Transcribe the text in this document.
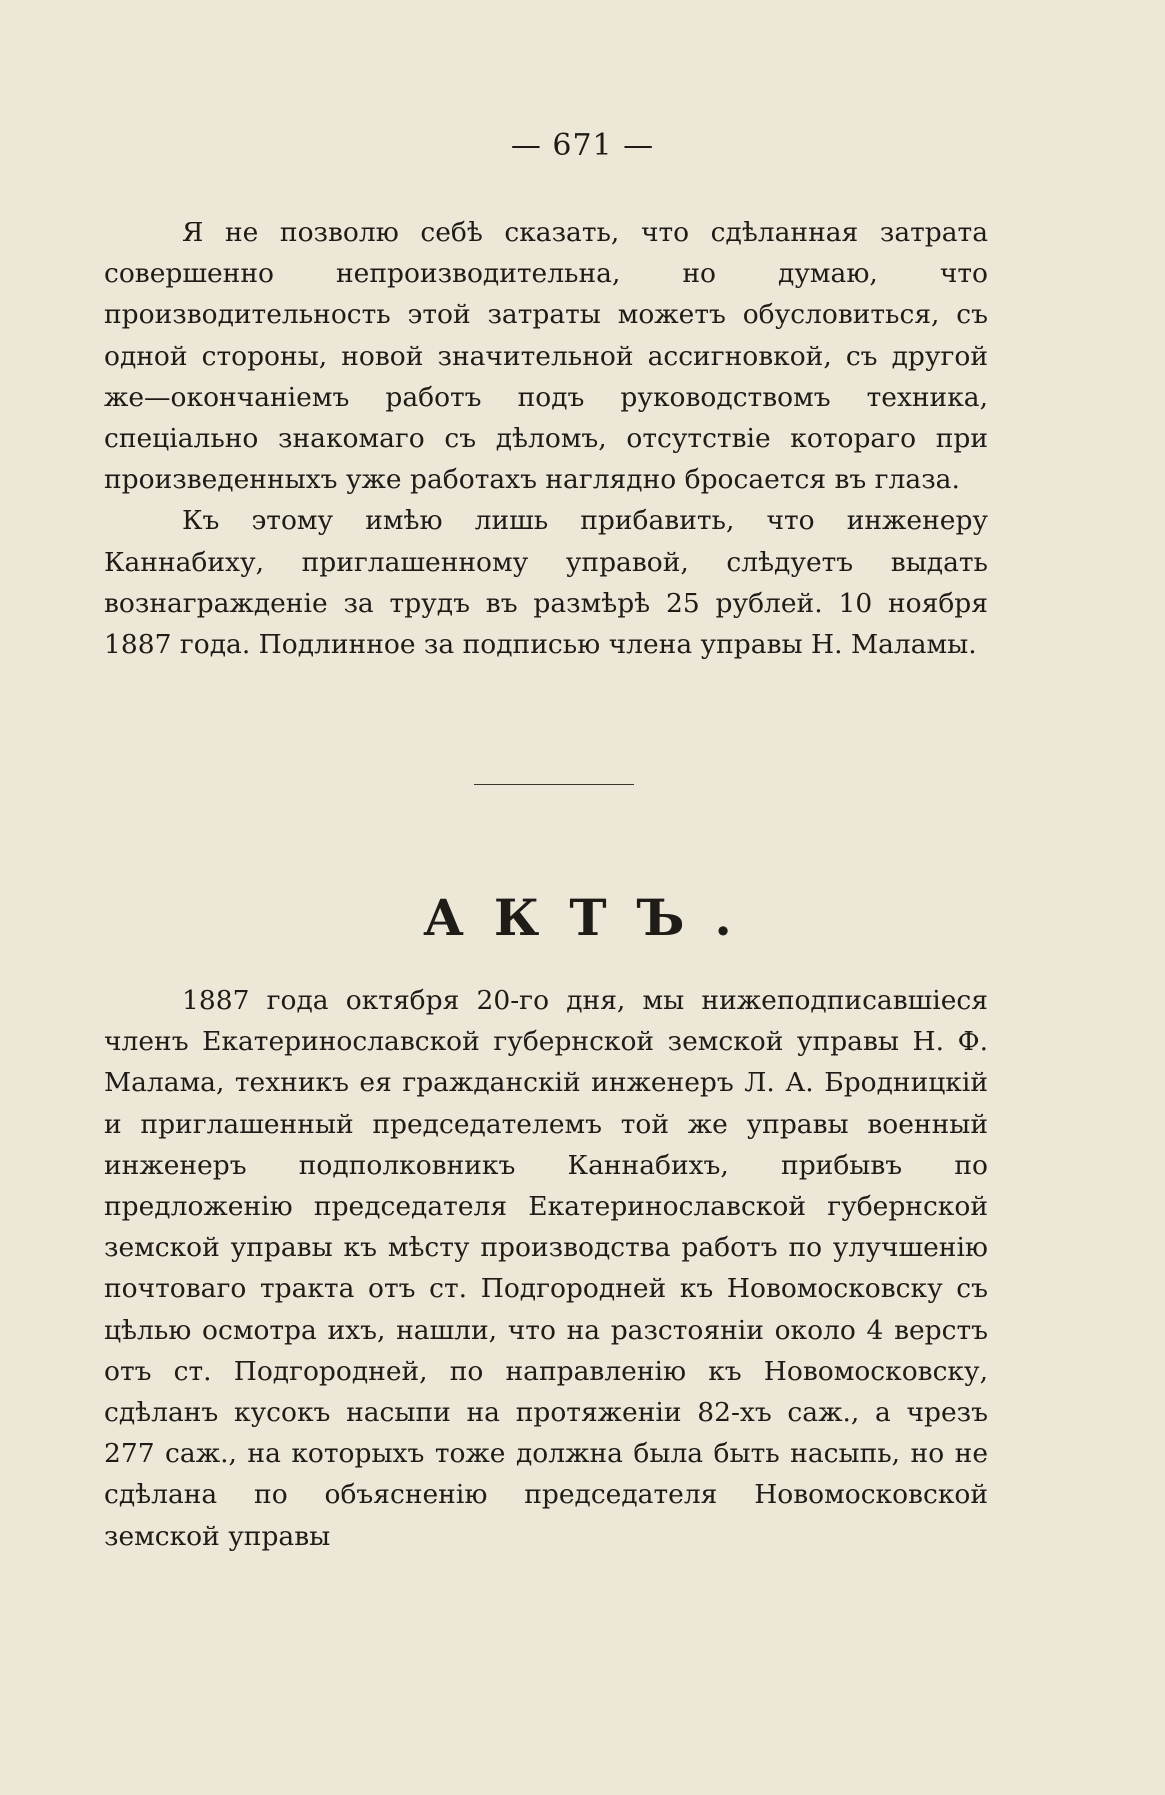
— 671 —

Я не позволю себѣ сказать, что сдѣланная затрата совершенно непроизводительна, но думаю, что производительность этой затраты можетъ обусловиться, съ одной стороны, новой значительной ассигновкой, съ другой же—окончаніемъ работъ подъ руководствомъ техника, спеціально знакомаго съ дѣломъ, отсутствіе котораго при произведенныхъ уже работахъ наглядно бросается въ глаза.

Къ этому имѣю лишь прибавить, что инженеру Каннабиху, приглашенному управой, слѣдуетъ выдать вознагражденіе за трудъ въ размѣрѣ 25 рублей. 10 ноября 1887 года. Подлинное за подписью члена управы Н. Маламы.

АКТЪ.

1887 года октября 20-го дня, мы нижеподписавшіеся членъ Екатеринославской губернской земской управы Н. Ф. Малама, техникъ ея гражданскій инженеръ Л. А. Бродницкій и приглашенный председателемъ той же управы военный инженеръ подполковникъ Каннабихъ, прибывъ по предложенію председателя Екатеринославской губернской земской управы къ мѣсту производства работъ по улучшенію почтоваго тракта отъ ст. Подгородней къ Новомосковску съ цѣлью осмотра ихъ, нашли, что на разстояніи около 4 верстъ отъ ст. Подгородней, по направленію къ Новомосковску, сдѣланъ кусокъ насыпи на протяженіи 82-хъ саж., а чрезъ 277 саж., на которыхъ тоже должна была быть насыпь, но не сдѣлана по объясненію председателя Новомосковской земской управы
